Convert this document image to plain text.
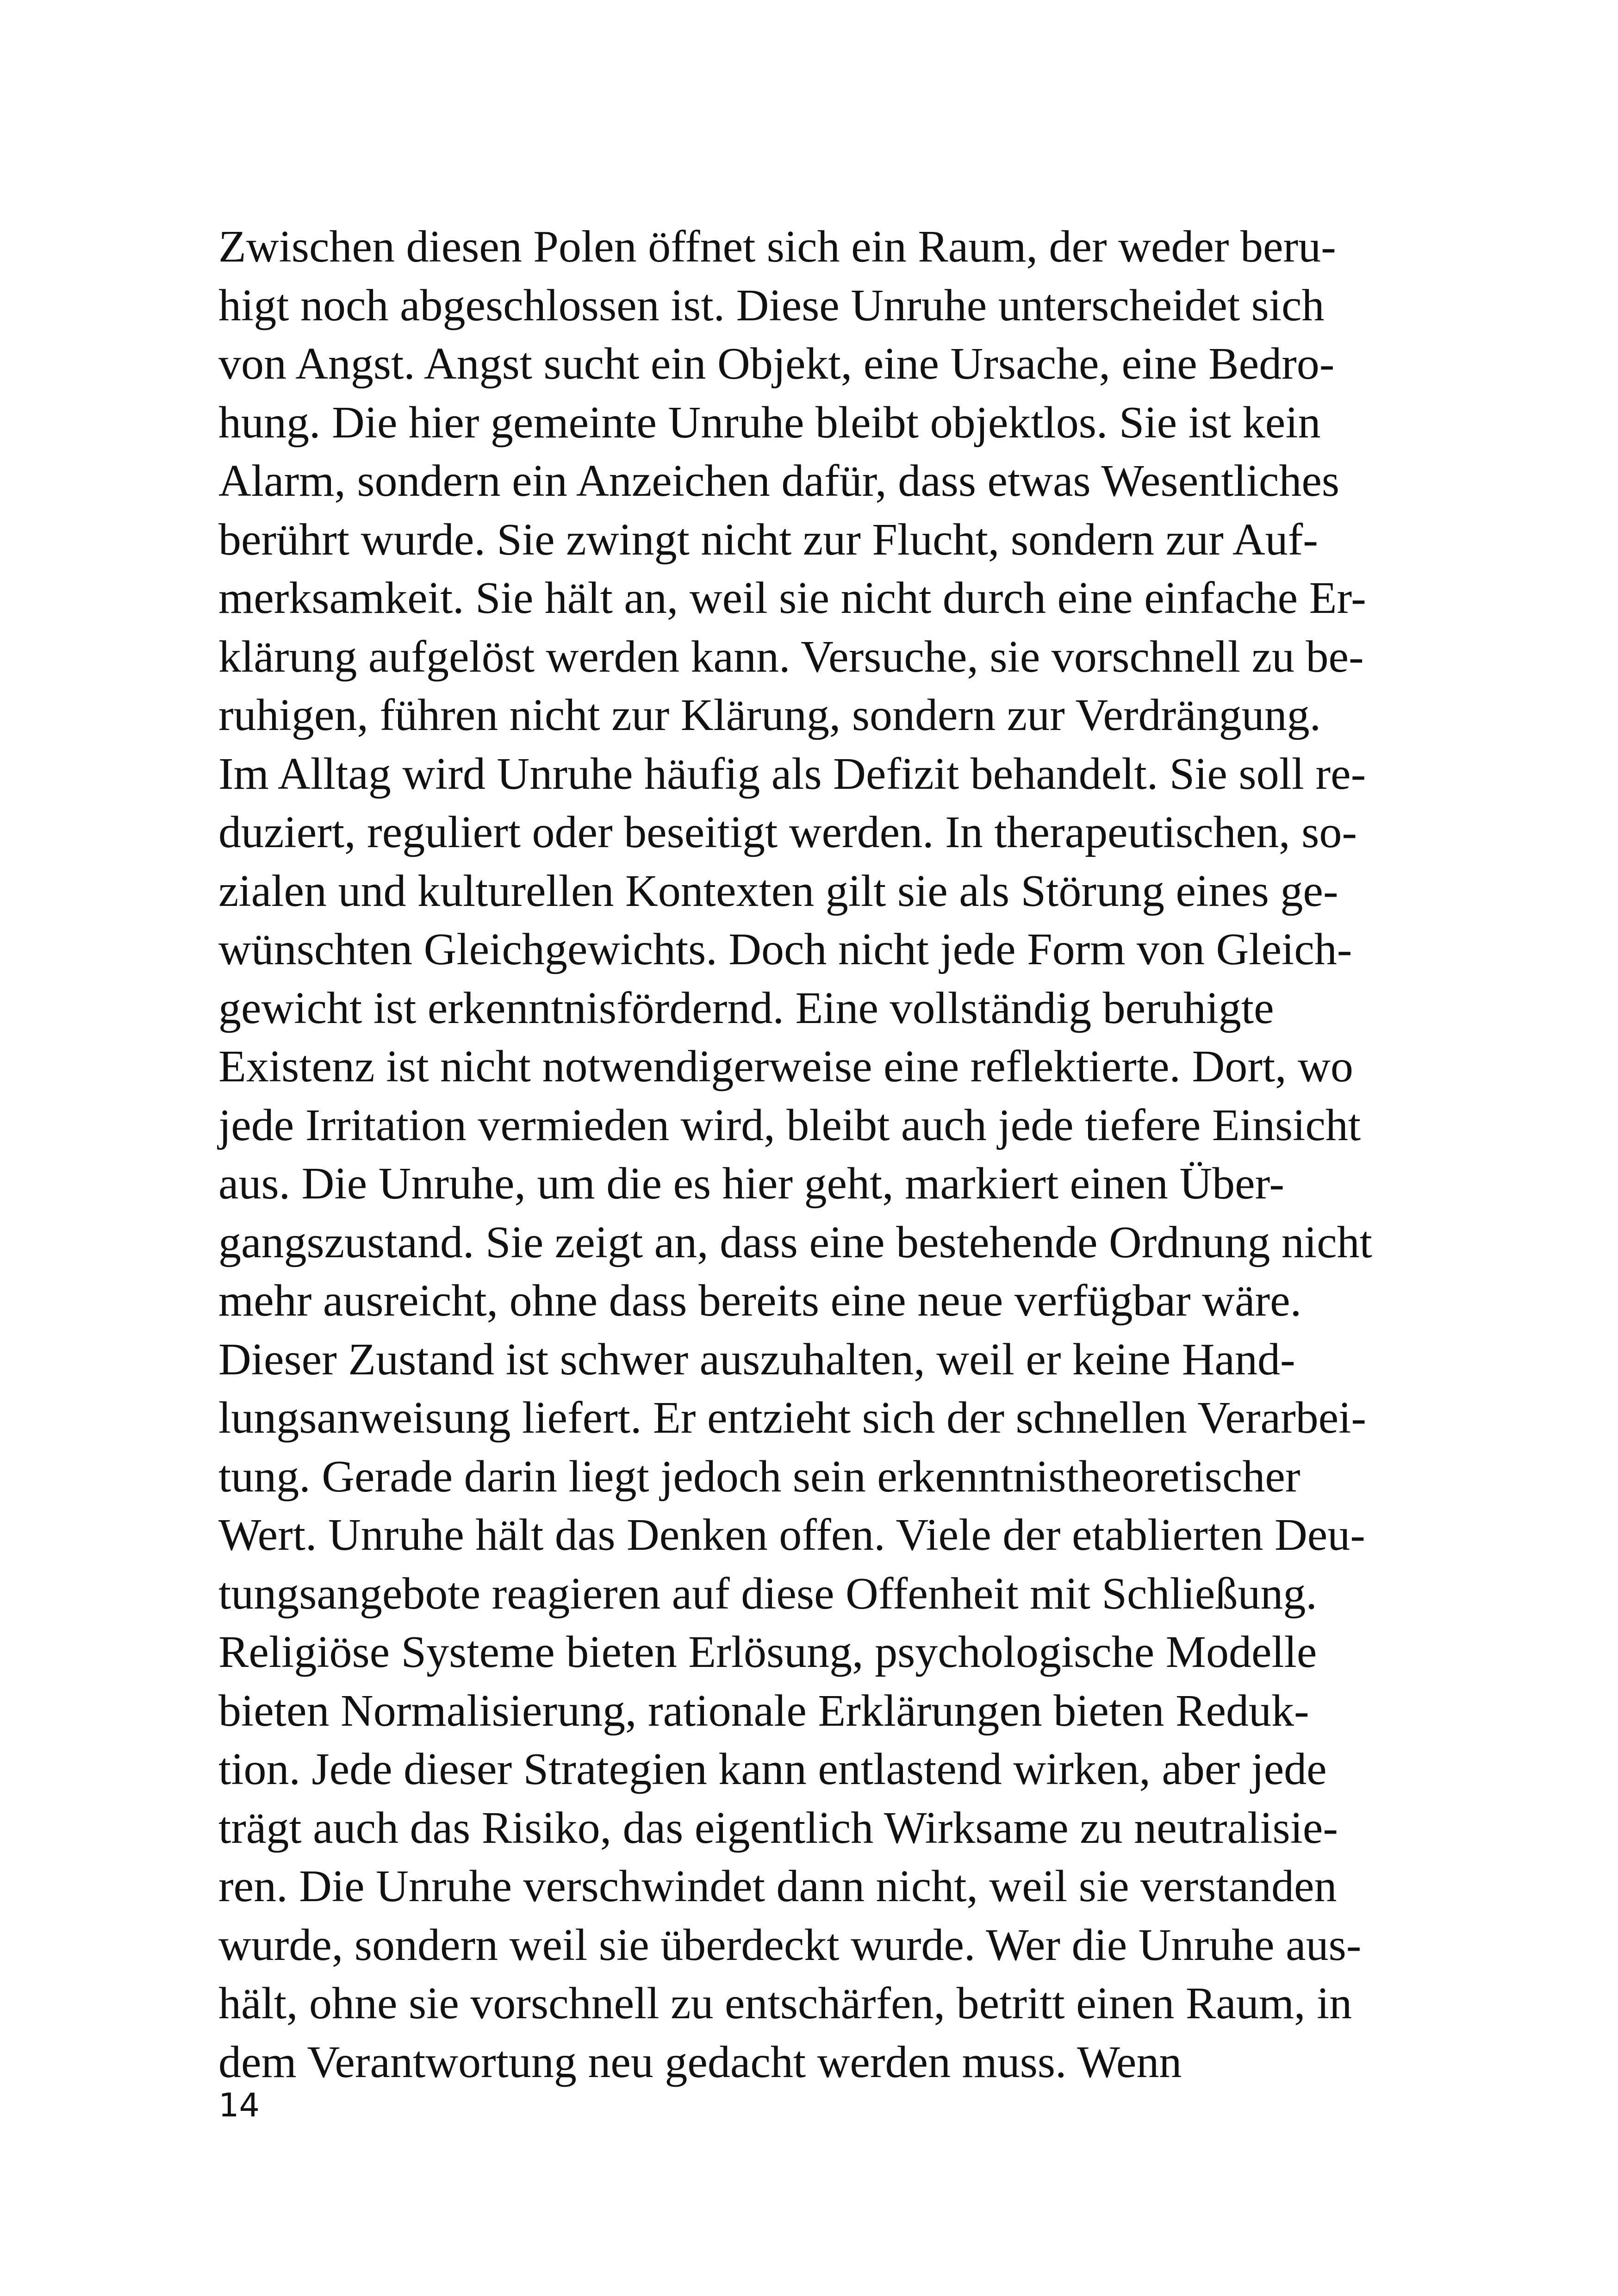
Zwischen diesen Polen öffnet sich ein Raum, der weder beru-
higt noch abgeschlossen ist. Diese Unruhe unterscheidet sich
von Angst. Angst sucht ein Objekt, eine Ursache, eine Bedro-
hung. Die hier gemeinte Unruhe bleibt objektlos. Sie ist kein
Alarm, sondern ein Anzeichen dafür, dass etwas Wesentliches
berührt wurde. Sie zwingt nicht zur Flucht, sondern zur Auf-
merksamkeit. Sie hält an, weil sie nicht durch eine einfache Er-
klärung aufgelöst werden kann. Versuche, sie vorschnell zu be-
ruhigen, führen nicht zur Klärung, sondern zur Verdrängung.
Im Alltag wird Unruhe häufig als Defizit behandelt. Sie soll re-
duziert, reguliert oder beseitigt werden. In therapeutischen, so-
zialen und kulturellen Kontexten gilt sie als Störung eines ge-
wünschten Gleichgewichts. Doch nicht jede Form von Gleich-
gewicht ist erkenntnisfördernd. Eine vollständig beruhigte
Existenz ist nicht notwendigerweise eine reflektierte. Dort, wo
jede Irritation vermieden wird, bleibt auch jede tiefere Einsicht
aus. Die Unruhe, um die es hier geht, markiert einen Über-
gangszustand. Sie zeigt an, dass eine bestehende Ordnung nicht
mehr ausreicht, ohne dass bereits eine neue verfügbar wäre.
Dieser Zustand ist schwer auszuhalten, weil er keine Hand-
lungsanweisung liefert. Er entzieht sich der schnellen Verarbei-
tung. Gerade darin liegt jedoch sein erkenntnistheoretischer
Wert. Unruhe hält das Denken offen. Viele der etablierten Deu-
tungsangebote reagieren auf diese Offenheit mit Schließung.
Religiöse Systeme bieten Erlösung, psychologische Modelle
bieten Normalisierung, rationale Erklärungen bieten Reduk-
tion. Jede dieser Strategien kann entlastend wirken, aber jede
trägt auch das Risiko, das eigentlich Wirksame zu neutralisie-
ren. Die Unruhe verschwindet dann nicht, weil sie verstanden
wurde, sondern weil sie überdeckt wurde. Wer die Unruhe aus-
hält, ohne sie vorschnell zu entschärfen, betritt einen Raum, in
dem Verantwortung neu gedacht werden muss. Wenn
14
